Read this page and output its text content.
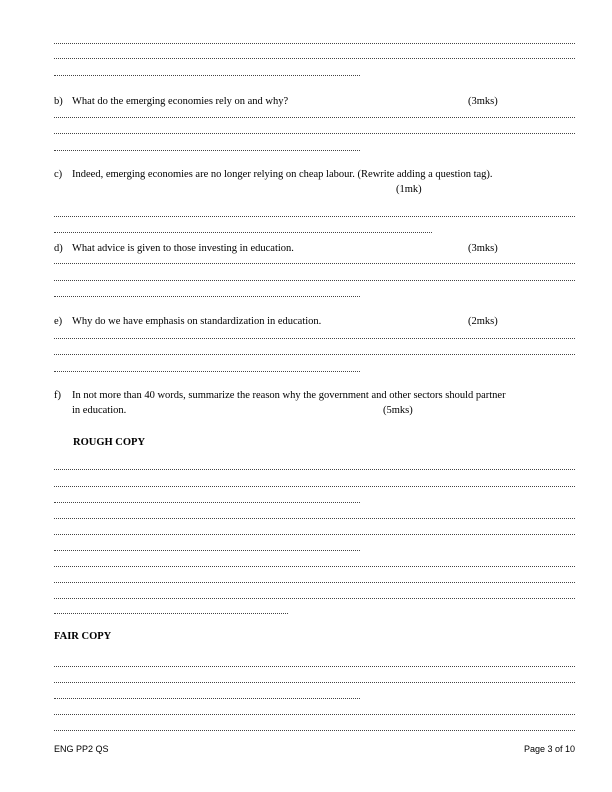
b) What do the emerging economies rely on and why?	(3mks)
c) Indeed, emerging economies are no longer relying on cheap labour. (Rewrite adding a question tag).
(1mk)
d) What advice is given to those investing in education.	(3mks)
e) Why do we have emphasis on standardization in education.	(2mks)
f) In not more than 40 words, summarize the reason why the government and other sectors should partner
in education.	(5mks)
ROUGH COPY
FAIR COPY
ENG PP2 QS	Page 3 of 10
